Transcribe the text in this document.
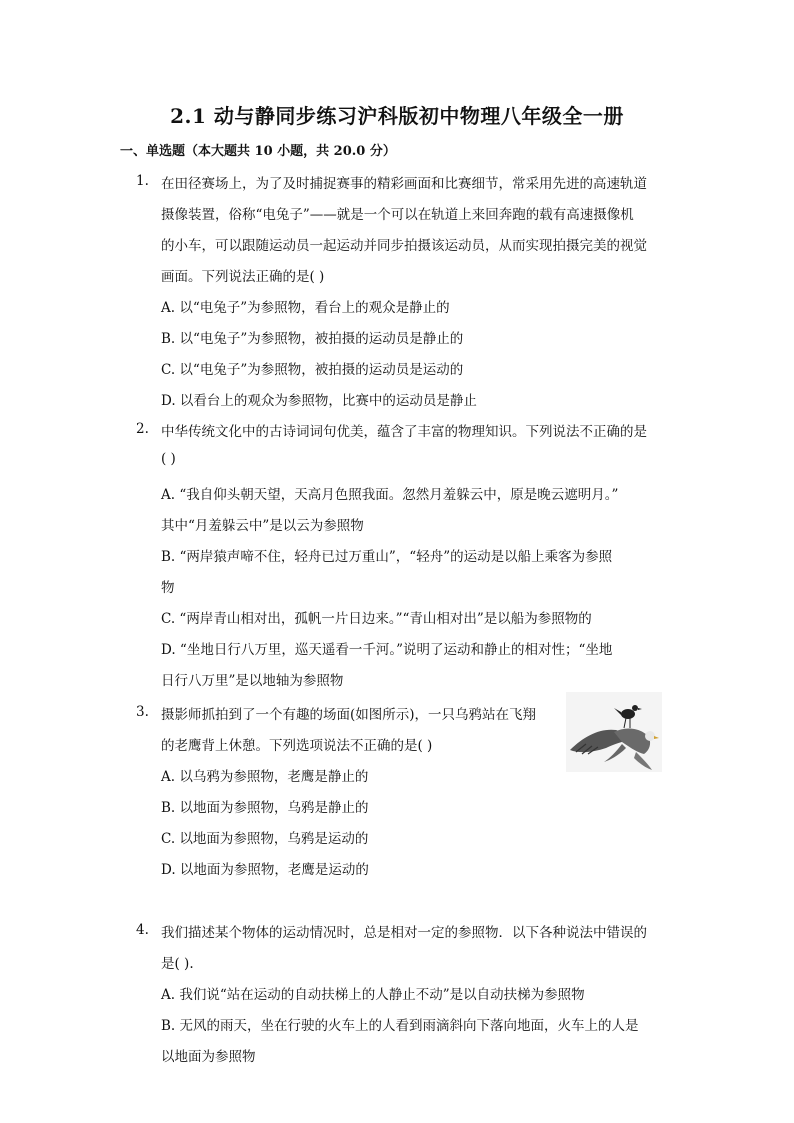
2.1 动与静同步练习沪科版初中物理八年级全一册
一、单选题（本大题共 10 小题，共 20.0 分）
1. 在田径赛场上，为了及时捕捉赛事的精彩画面和比赛细节，常采用先进的高速轨道
摄像装置，俗称“电兔子”——就是一个可以在轨道上来回奔跑的载有高速摄像机
的小车，可以跟随运动员一起运动并同步拍摄该运动员，从而实现拍摄完美的视觉
画面。下列说法正确的是( )
A. 以“电兔子”为参照物，看台上的观众是静止的
B. 以“电兔子”为参照物，被拍摄的运动员是静止的
C. 以“电兔子”为参照物，被拍摄的运动员是运动的
D. 以看台上的观众为参照物，比赛中的运动员是静止
2. 中华传统文化中的古诗词词句优美，蕴含了丰富的物理知识。下列说法不正确的是
( )
A. “我自仰头朝天望，天高月色照我面。忽然月羞躲云中，原是晚云遮明月。”
其中“月羞躲云中”是以云为参照物
B. “两岸猿声啼不住，轻舟已过万重山”，“轻舟”的运动是以船上乘客为参照
物
C. “两岸青山相对出，孤帆一片日边来。”“青山相对出”是以船为参照物的
D. “坐地日行八万里，巡天遥看一千河。”说明了运动和静止的相对性；“坐地
日行八万里”是以地轴为参照物
3. 摄影师抓拍到了一个有趣的场面(如图所示)，一只乌鸦站在飞翔
的老鹰背上休憩。下列选项说法不正确的是( )
A. 以乌鸦为参照物，老鹰是静止的
B. 以地面为参照物，乌鸦是静止的
C. 以地面为参照物，乌鸦是运动的
D. 以地面为参照物，老鹰是运动的
4. 我们描述某个物体的运动情况时，总是相对一定的参照物．以下各种说法中错误的
是( ).
A. 我们说“站在运动的自动扶梯上的人静止不动”是以自动扶梯为参照物
B. 无风的雨天，坐在行驶的火车上的人看到雨滴斜向下落向地面，火车上的人是
以地面为参照物
